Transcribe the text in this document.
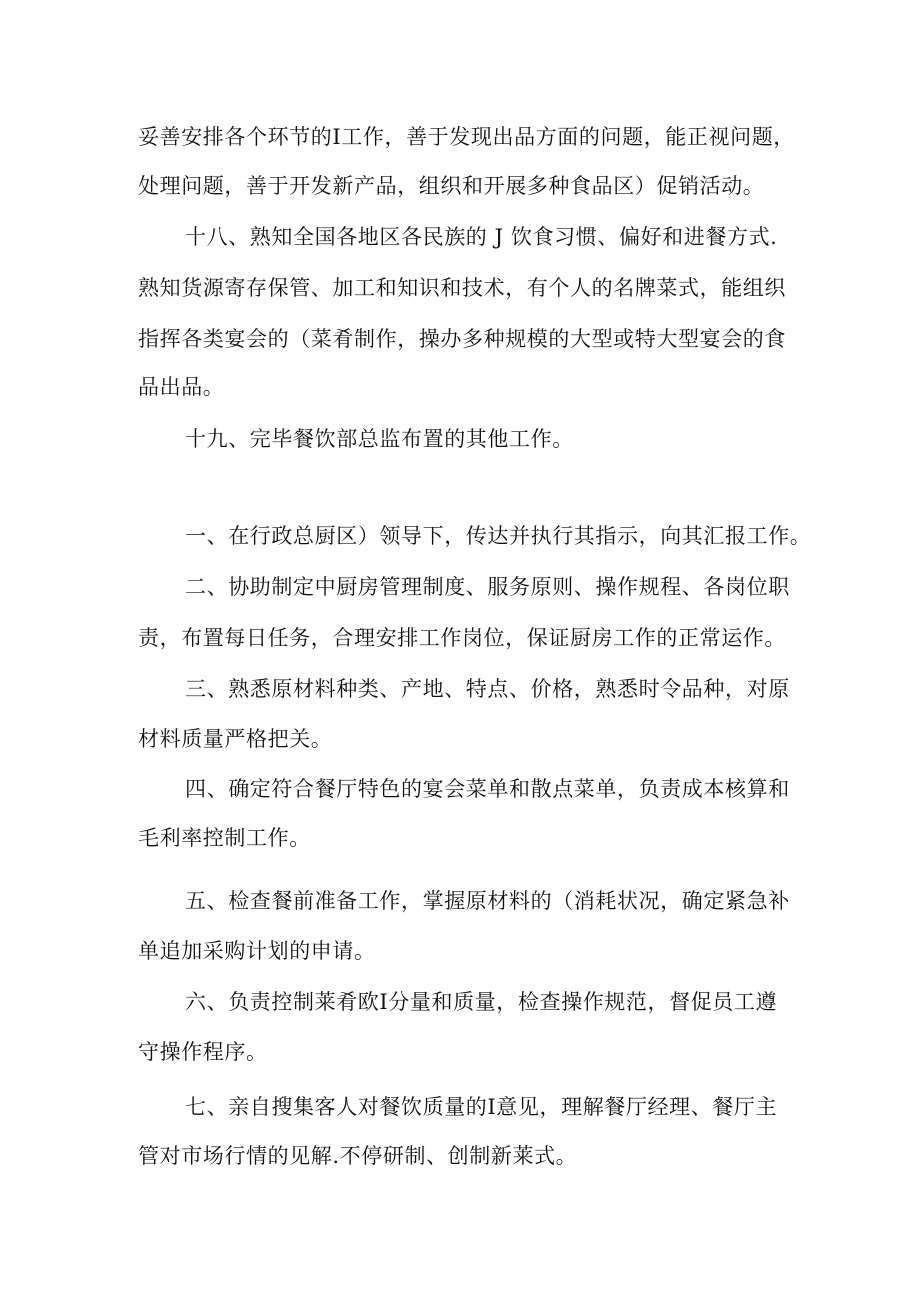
妥善安排各个环节的Ⅰ工作，善于发现出品方面的问题，能正视问题，
处理问题，善于开发新产品，组织和开展多种食品区）促销活动。
十八、熟知全国各地区各民族的 J 饮食习惯、偏好和进餐方式.
熟知货源寄存保管、加工和知识和技术，有个人的名牌菜式，能组织
指挥各类宴会的（菜肴制作，操办多种规模的大型或特大型宴会的食
品出品。
十九、完毕餐饮部总监布置的其他工作。
一、在行政总厨区）领导下，传达并执行其指示，向其汇报工作。
二、协助制定中厨房管理制度、服务原则、操作规程、各岗位职
责，布置每日任务，合理安排工作岗位，保证厨房工作的正常运作。
三、熟悉原材料种类、产地、特点、价格，熟悉时令品种，对原
材料质量严格把关。
四、确定符合餐厅特色的宴会菜单和散点菜单，负责成本核算和
毛利率控制工作。
五、检查餐前准备工作，掌握原材料的（消耗状况，确定紧急补
单追加采购计划的申请。
六、负责控制莱肴欧Ⅰ分量和质量，检查操作规范，督促员工遵
守操作程序。
七、亲自搜集客人对餐饮质量的Ⅰ意见，理解餐厅经理、餐厅主
管对市场行情的见解.不停研制、创制新莱式。
